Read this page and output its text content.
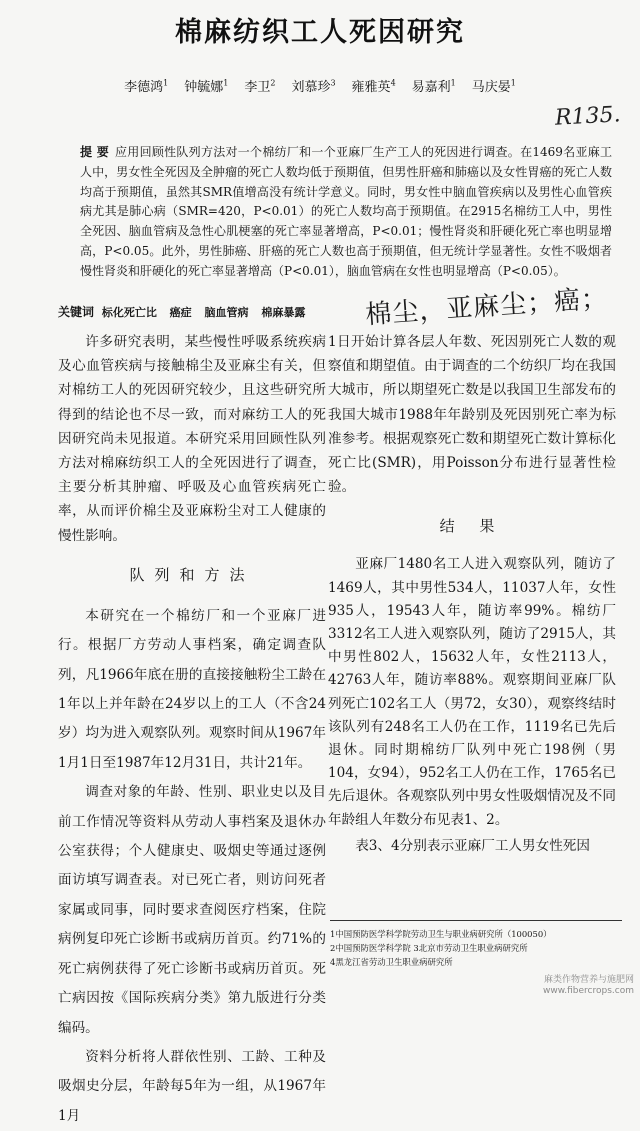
棉麻纺织工人死因研究
李德鸿$^1$ 钟毓娜$^1$ 李卫$^2$ 刘慕珍$^3$ 雍雅英$^4$ 易嘉利$^1$ 马庆晏$^1$
R135.
提 要 应用回顾性队列方法对一个棉纺厂和一个亚麻厂生产工人的死因进行调查。在1469名亚麻工人中，男女性全死因及全肿瘤的死亡人数均低于预期值，但男性肝癌和肺癌以及女性胃癌的死亡人数均高于预期值，虽然其SMR值增高没有统计学意义。同时，男女性中脑血管疾病以及男性心血管疾病尤其是肺心病（SMR=420，P<0.01）的死亡人数均高于预期值。在2915名棉纺工人中，男性全死因、脑血管病及急性心肌梗塞的死亡率显著增高，P<0.01；慢性肾炎和肝硬化死亡率也明显增高，P<0.05。此外，男性肺癌、肝癌的死亡人数也高于预期值，但无统计学显著性。女性不吸烟者慢性肾炎和肝硬化的死亡率显著增高（P<0.01），脑血管病在女性也明显增高（P<0.05）。
关键词 标化死亡比 癌症 脑血管病 棉麻暴露	棉尘，亚麻尘；癌；

许多研究表明，某些慢性呼吸系统疾病及心血管疾病与接触棉尘及亚麻尘有关，但对棉纺工人的死因研究较少，且这些研究所得到的结论也不尽一致，而对麻纺工人的死因研究尚未见报道。本研究采用回顾性队列方法对棉麻纺织工人的全死因进行了调查，主要分析其肿瘤、呼吸及心血管疾病死亡率，从而评价棉尘及亚麻粉尘对工人健康的慢性影响。

队列和方法

本研究在一个棉纺厂和一个亚麻厂进行。根据厂方劳动人事档案，确定调查队列，凡1966年底在册的直接接触粉尘工龄在1年以上并年龄在24岁以上的工人（不含24岁）均为进入观察队列。观察时间从1967年1月1日至1987年12月31日，共计21年。

调查对象的年龄、性别、职业史以及目前工作情况等资料从劳动人事档案及退休办公室获得；个人健康史、吸烟史等通过逐例面访填写调查表。对已死亡者，则访问死者家属或同事，同时要求查阅医疗档案，住院病例复印死亡诊断书或病历首页。约71%的死亡病例获得了死亡诊断书或病历首页。死亡病因按《国际疾病分类》第九版进行分类编码。

资料分析将人群依性别、工龄、工种及吸烟史分层，年龄每5年为一组，从1967年1月

1日开始计算各层人年数、死因别死亡人数的观察值和期望值。由于调查的二个纺织厂均在我国大城市，所以期望死亡数是以我国卫生部发布的我国大城市1988年年龄别及死因别死亡率为标准参考。根据观察死亡数和期望死亡数计算标化死亡比(SMR)，用Poisson分布进行显著性检验。

结 果

亚麻厂1480名工人进入观察队列，随访了1469人，其中男性534人，11037人年，女性935人，19543人年，随访率99%。棉纺厂3312名工人进入观察队列，随访了2915人，其中男性802人，15632人年，女性2113人，42763人年，随访率88%。观察期间亚麻厂队列死亡102名工人（男72，女30），观察终结时该队列有248名工人仍在工作，1119名已先后退休。同时期棉纺厂队列中死亡198例（男104，女94），952名工人仍在工作，1765名已先后退休。各观察队列中男女性吸烟情况及不同年龄组人年数分布见表1、2。

表3、4分别表示亚麻厂工人男女性死因

1中国预防医学科学院劳动卫生与职业病研究所（100050）
2中国预防医学科学院 3北京市劳动卫生职业病研究所
4黑龙江省劳动卫生职业病研究所
麻类作物营养与施肥网
www.fibercrops.com
